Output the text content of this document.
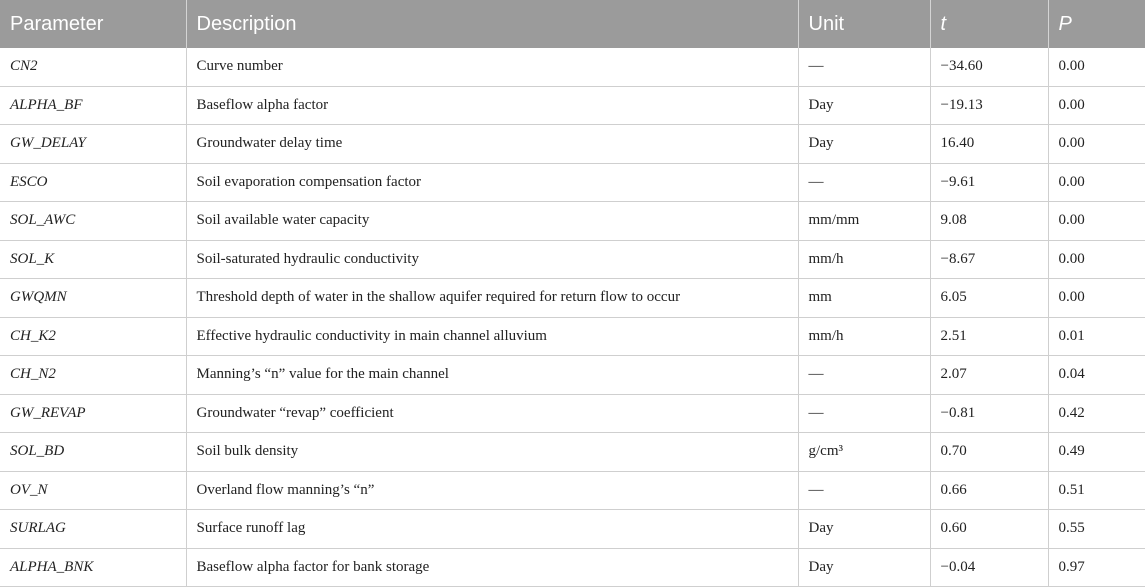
Parameter	Description	Unit	t	P
CN2	Curve number	—	−34.60	0.00
ALPHA_BF	Baseflow alpha factor	Day	−19.13	0.00
GW_DELAY	Groundwater delay time	Day	16.40	0.00
ESCO	Soil evaporation compensation factor	—	−9.61	0.00
SOL_AWC	Soil available water capacity	mm/mm	9.08	0.00
SOL_K	Soil-saturated hydraulic conductivity	mm/h	−8.67	0.00
GWQMN	Threshold depth of water in the shallow aquifer required for return flow to occur	mm	6.05	0.00
CH_K2	Effective hydraulic conductivity in main channel alluvium	mm/h	2.51	0.01
CH_N2	Manning’s “n” value for the main channel	—	2.07	0.04
GW_REVAP	Groundwater “revap” coefficient	—	−0.81	0.42
SOL_BD	Soil bulk density	g/cm³	0.70	0.49
OV_N	Overland flow manning’s “n”	—	0.66	0.51
SURLAG	Surface runoff lag	Day	0.60	0.55
ALPHA_BNK	Baseflow alpha factor for bank storage	Day	−0.04	0.97
